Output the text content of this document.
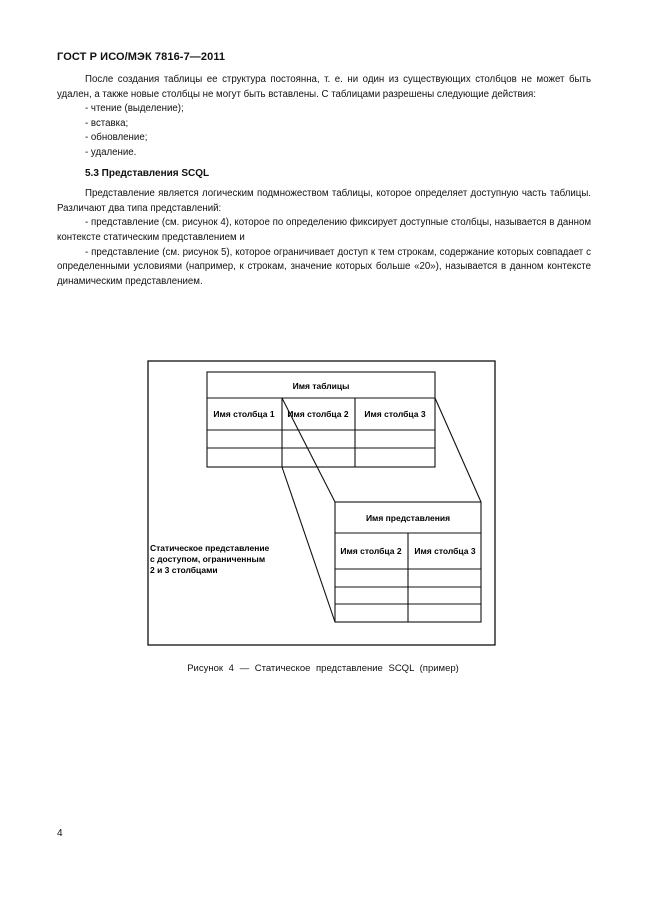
ГОСТ Р ИСО/МЭК 7816-7—2011

После создания таблицы ее структура постоянна, т. е. ни один из существующих столбцов не может быть удален, а также новые столбцы не могут быть вставлены. С таблицами разрешены следующие действия:

- чтение (выделение);

- вставка;

- обновление;

- удаление.

5.3 Представления SCQL

Представление является логическим подмножеством таблицы, которое определяет доступную часть таблицы. Различают два типа представлений:

- представление (см. рисунок 4), которое по определению фиксирует доступные столбцы, называется в данном контексте статическим представлением и

- представление (см. рисунок 5), которое ограничивает доступ к тем строкам, содержание которых совпадает с определенными условиями (например, к строкам, значение которых больше «20»), называется в данном контексте динамическим представлением.

Имя таблицы
Имя столбца 1 Имя столбца 2 Имя столбца 3
Имя представления
Имя столбца 2 Имя столбца 3
Статическое представление
с доступом, ограниченным
2 и 3 столбцами
Рисунок 4 — Статическое представление SCQL (пример)
4
